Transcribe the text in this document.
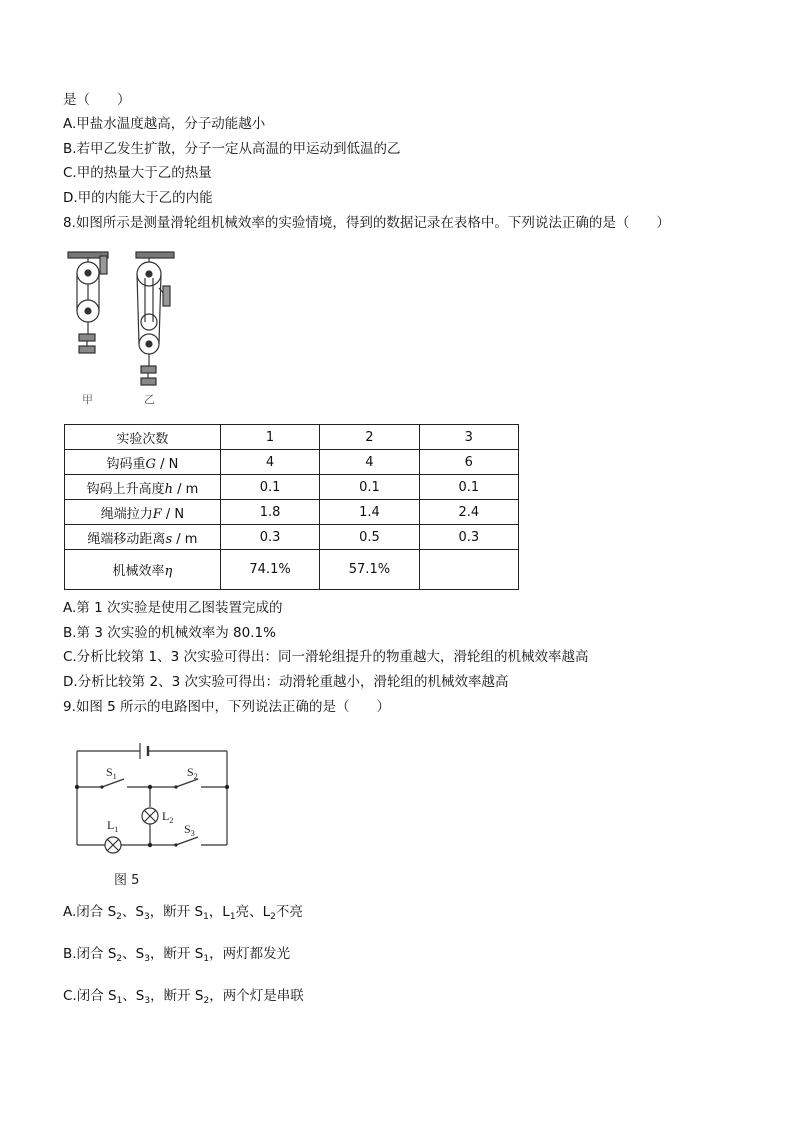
是（　　）
A.甲盐水温度越高，分子动能越小
B.若甲乙发生扩散，分子一定从高温的甲运动到低温的乙
C.甲的热量大于乙的热量
D.甲的内能大于乙的内能
8.如图所示是测量滑轮组机械效率的实验情境，得到的数据记录在表格中。下列说法正确的是（　　）
甲	乙
实验次数	1	2	3
钩码重G / N	4	4	6
钩码上升高度h / m	0.1	0.1	0.1
绳端拉力F / N	1.8	1.4	2.4
绳端移动距离s / m	0.3	0.5	0.3
机械效率η	74.1%	57.1%	
A.第 1 次实验是使用乙图装置完成的
B.第 3 次实验的机械效率为 80.1%
C.分析比较第 1、3 次实验可得出：同一滑轮组提升的物重越大，滑轮组的机械效率越高
D.分析比较第 2、3 次实验可得出：动滑轮重越小，滑轮组的机械效率越高
9.如图 5 所示的电路图中，下列说法正确的是（　　）
$S_1$	$S_2$
$S_3$
$L_1$
$L_2$
图 5
A.闭合 $S_2$、$S_3$，断开 $S_1$，$L_1$亮、$L_2$不亮
B.闭合 $S_2$、$S_3$，断开 $S_1$，两灯都发光
C.闭合 $S_1$、$S_3$，断开 $S_2$，两个灯是串联
